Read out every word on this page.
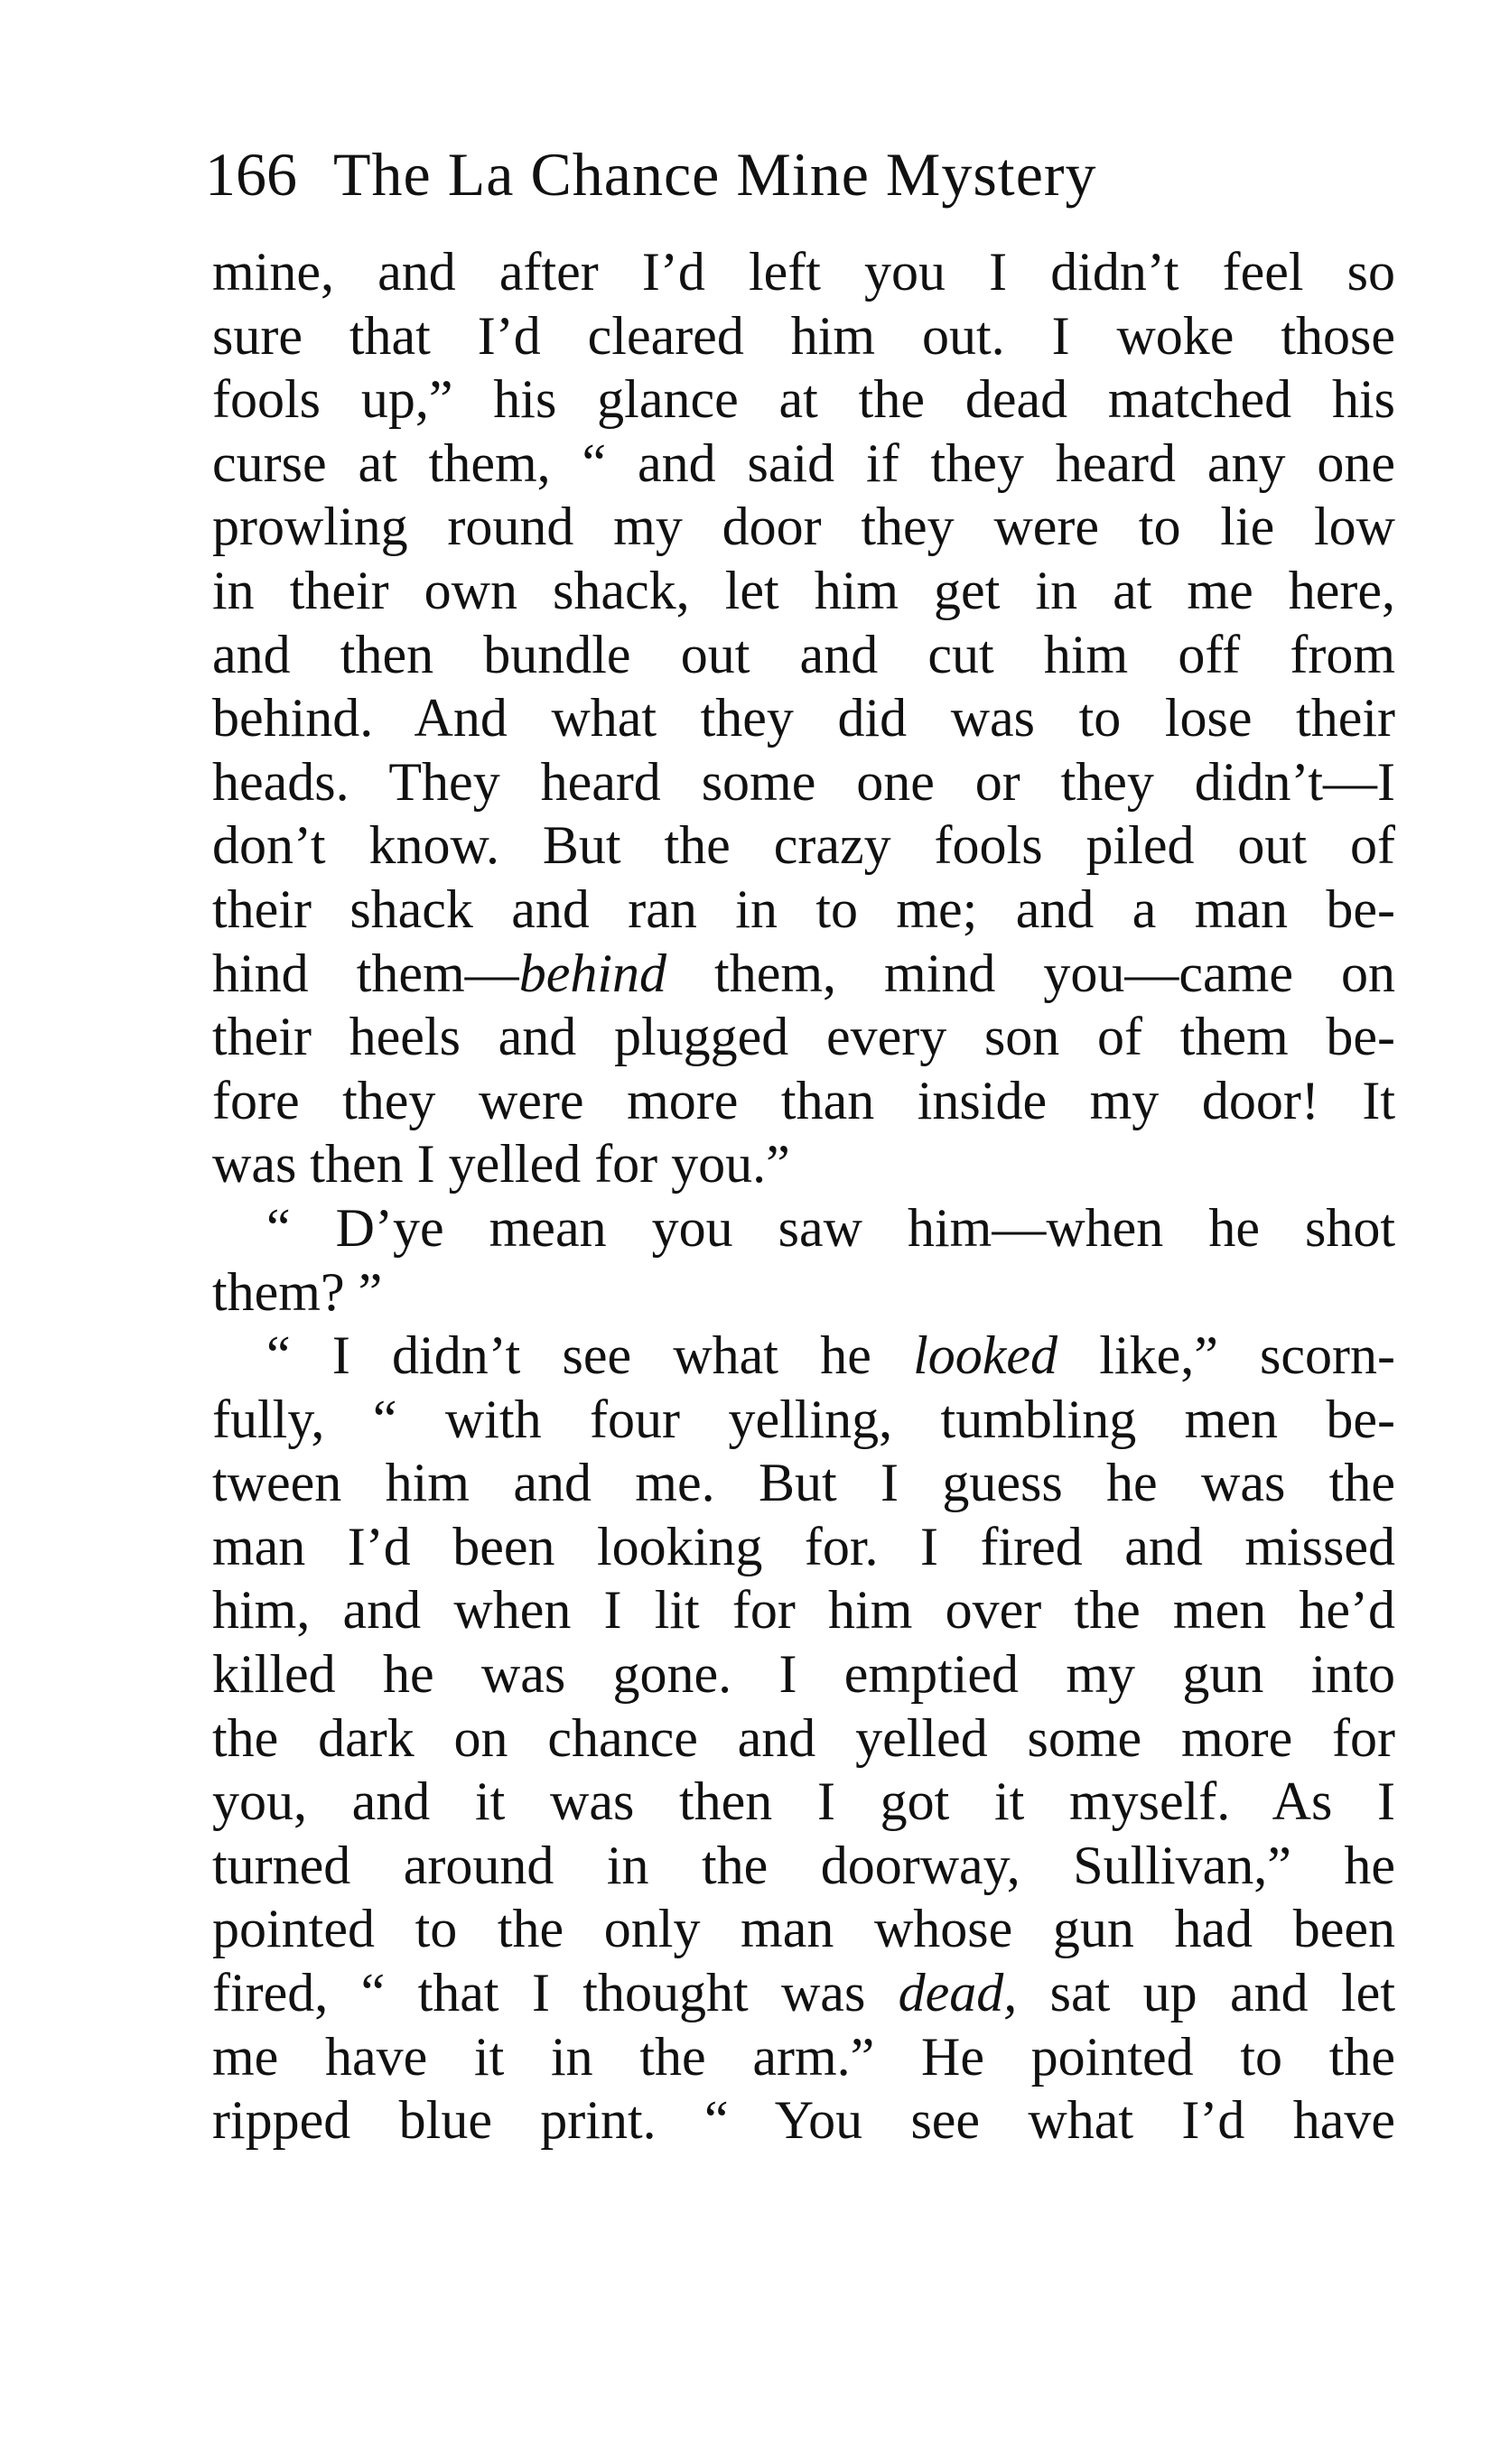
166 The La Chance Mine Mystery
mine, and after I’d left you I didn’t feel so
sure that I’d cleared him out. I woke those
fools up,” his glance at the dead matched his
curse at them, “ and said if they heard any one
prowling round my door they were to lie low
in their own shack, let him get in at me here,
and then bundle out and cut him off from
behind. And what they did was to lose their
heads. They heard some one or they didn’t—I
don’t know. But the crazy fools piled out of
their shack and ran in to me; and a man be-
hind them—behind them, mind you—came on
their heels and plugged every son of them be-
fore they were more than inside my door! It
was then I yelled for you.”
“ D’ye mean you saw him—when he shot
them? ”
“ I didn’t see what he looked like,” scorn-
fully, “ with four yelling, tumbling men be-
tween him and me. But I guess he was the
man I’d been looking for. I fired and missed
him, and when I lit for him over the men he’d
killed he was gone. I emptied my gun into
the dark on chance and yelled some more for
you, and it was then I got it myself. As I
turned around in the doorway, Sullivan,” he
pointed to the only man whose gun had been
fired, “ that I thought was dead, sat up and let
me have it in the arm.” He pointed to the
ripped blue print. “ You see what I’d have
